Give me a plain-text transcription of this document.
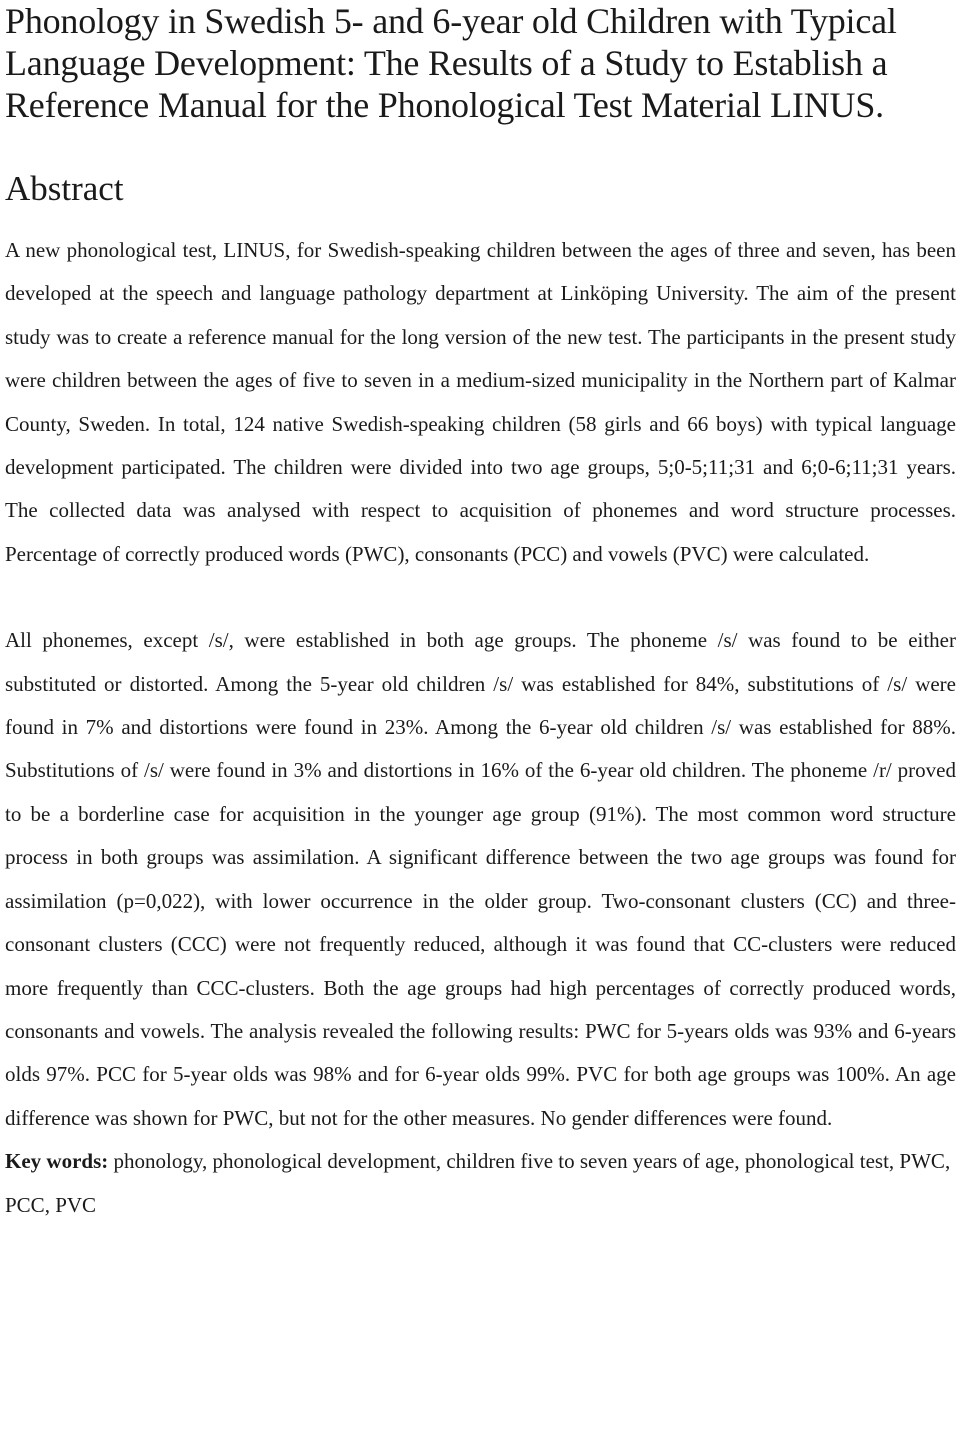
Phonology in Swedish 5- and 6-year old Children with Typical Language Development: The Results of a Study to Establish a Reference Manual for the Phonological Test Material LINUS.
Abstract

A new phonological test, LINUS, for Swedish-speaking children between the ages of three and seven, has been developed at the speech and language pathology department at Linköping University. The aim of the present study was to create a reference manual for the long version of the new test. The participants in the present study were children between the ages of five to seven in a medium-sized municipality in the Northern part of Kalmar County, Sweden. In total, 124 native Swedish-speaking children (58 girls and 66 boys) with typical language development participated. The children were divided into two age groups, 5;0-5;11;31 and 6;0-6;11;31 years. The collected data was analysed with respect to acquisition of phonemes and word structure processes. Percentage of correctly produced words (PWC), consonants (PCC) and vowels (PVC) were calculated.

All phonemes, except /s/, were established in both age groups. The phoneme /s/ was found to be either substituted or distorted. Among the 5-year old children /s/ was established for 84%, substitutions of /s/ were found in 7% and distortions were found in 23%. Among the 6-year old children /s/ was established for 88%. Substitutions of /s/ were found in 3% and distortions in 16% of the 6-year old children. The phoneme /r/ proved to be a borderline case for acquisition in the younger age group (91%). The most common word structure process in both groups was assimilation. A significant difference between the two age groups was found for assimilation (p=0,022), with lower occurrence in the older group. Two-consonant clusters (CC) and three-consonant clusters (CCC) were not frequently reduced, although it was found that CC-clusters were reduced more frequently than CCC-clusters. Both the age groups had high percentages of correctly produced words, consonants and vowels. The analysis revealed the following results: PWC for 5-years olds was 93% and 6-years olds 97%. PCC for 5-year olds was 98% and for 6-year olds 99%. PVC for both age groups was 100%. An age difference was shown for PWC, but not for the other measures. No gender differences were found.

Key words: phonology, phonological development, children five to seven years of age, phonological test, PWC, PCC, PVC
